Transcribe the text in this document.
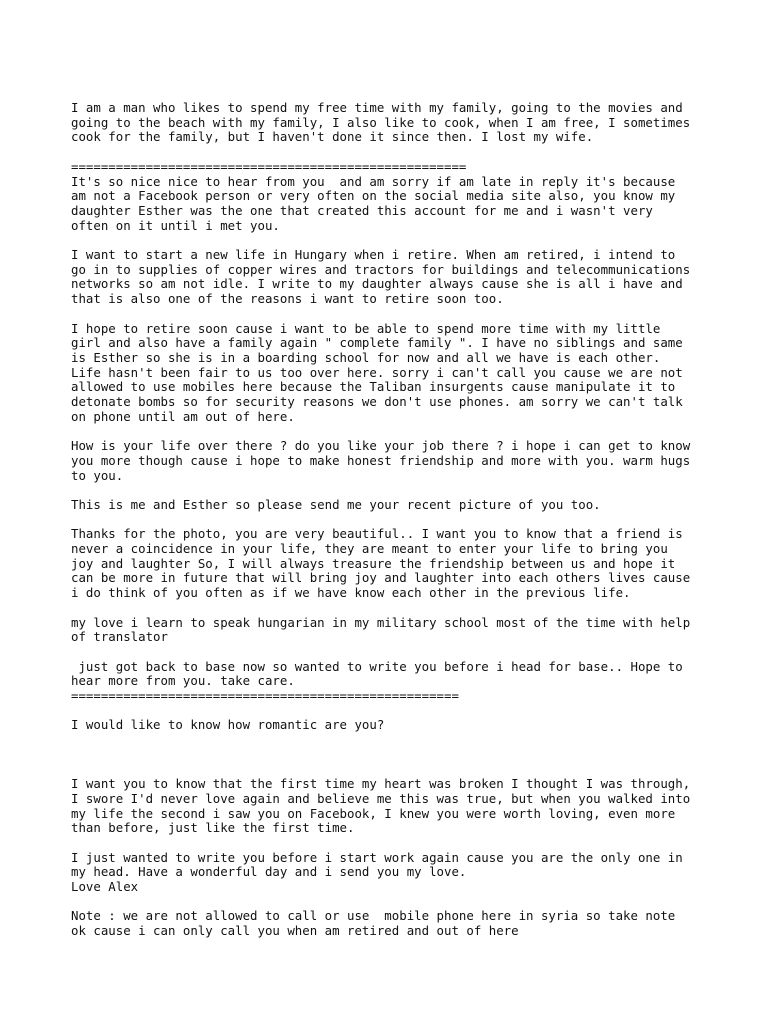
I am a man who likes to spend my free time with my family, going to the movies and
going to the beach with my family, I also like to cook, when I am free, I sometimes
cook for the family, but I haven't done it since then. I lost my wife.

=====================================================
It's so nice nice to hear from you  and am sorry if am late in reply it's because
am not a Facebook person or very often on the social media site also, you know my
daughter Esther was the one that created this account for me and i wasn't very
often on it until i met you.

I want to start a new life in Hungary when i retire. When am retired, i intend to
go in to supplies of copper wires and tractors for buildings and telecommunications
networks so am not idle. I write to my daughter always cause she is all i have and
that is also one of the reasons i want to retire soon too.

I hope to retire soon cause i want to be able to spend more time with my little
girl and also have a family again " complete family ". I have no siblings and same
is Esther so she is in a boarding school for now and all we have is each other.
Life hasn't been fair to us too over here. sorry i can't call you cause we are not
allowed to use mobiles here because the Taliban insurgents cause manipulate it to
detonate bombs so for security reasons we don't use phones. am sorry we can't talk
on phone until am out of here.

How is your life over there ? do you like your job there ? i hope i can get to know
you more though cause i hope to make honest friendship and more with you. warm hugs
to you.

This is me and Esther so please send me your recent picture of you too.

Thanks for the photo, you are very beautiful.. I want you to know that a friend is
never a coincidence in your life, they are meant to enter your life to bring you
joy and laughter So, I will always treasure the friendship between us and hope it
can be more in future that will bring joy and laughter into each others lives cause
i do think of you often as if we have know each other in the previous life.

my love i learn to speak hungarian in my military school most of the time with help
of translator

just got back to base now so wanted to write you before i head for base.. Hope to
hear more from you. take care.
====================================================

I would like to know how romantic are you?

I want you to know that the first time my heart was broken I thought I was through,
I swore I'd never love again and believe me this was true, but when you walked into
my life the second i saw you on Facebook, I knew you were worth loving, even more
than before, just like the first time.

I just wanted to write you before i start work again cause you are the only one in
my head. Have a wonderful day and i send you my love.
Love Alex

Note : we are not allowed to call or use  mobile phone here in syria so take note
ok cause i can only call you when am retired and out of here
